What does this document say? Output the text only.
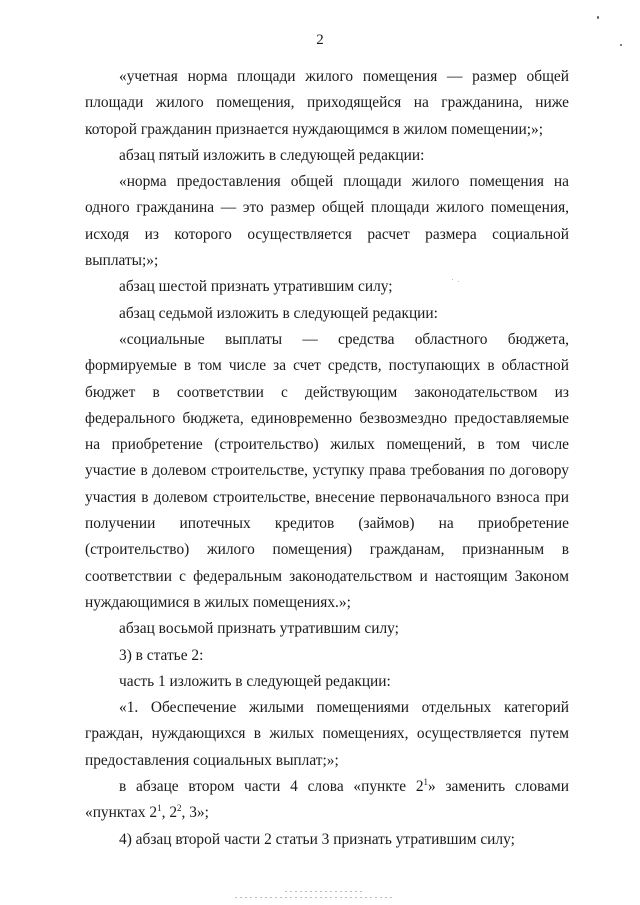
2

«учетная норма площади жилого помещения — размер общей площади жилого помещения, приходящейся на гражданина, ниже которой гражданин признается нуждающимся в жилом помещении;»;

абзац пятый изложить в следующей редакции:

«норма предоставления общей площади жилого помещения на одного гражданина — это размер общей площади жилого помещения, исходя из которого осуществляется расчет размера социальной выплаты;»;

абзац шестой признать утратившим силу;

абзац седьмой изложить в следующей редакции:

«социальные выплаты — средства областного бюджета, формируемые в том числе за счет средств, поступающих в областной бюджет в соответствии с действующим законодательством из федерального бюджета, единовременно безвозмездно предоставляемые на приобретение (строительство) жилых помещений, в том числе участие в долевом строительстве, уступку права требования по договору участия в долевом строительстве, внесение первоначального взноса при получении ипотечных кредитов (займов) на приобретение (строительство) жилого помещения) гражданам, признанным в соответствии с федеральным законодательством и настоящим Законом нуждающимися в жилых помещениях.»;

абзац восьмой признать утратившим силу;

3) в статье 2:

часть 1 изложить в следующей редакции:

«1. Обеспечение жилыми помещениями отдельных категорий граждан, нуждающихся в жилых помещениях, осуществляется путем предоставления социальных выплат;»;

в абзаце втором части 4 слова «пункте $2^1$» заменить словами «пунктах $2^1$, $2^2$, 3»;

4) абзац второй части 2 статьи 3 признать утратившим силу;
